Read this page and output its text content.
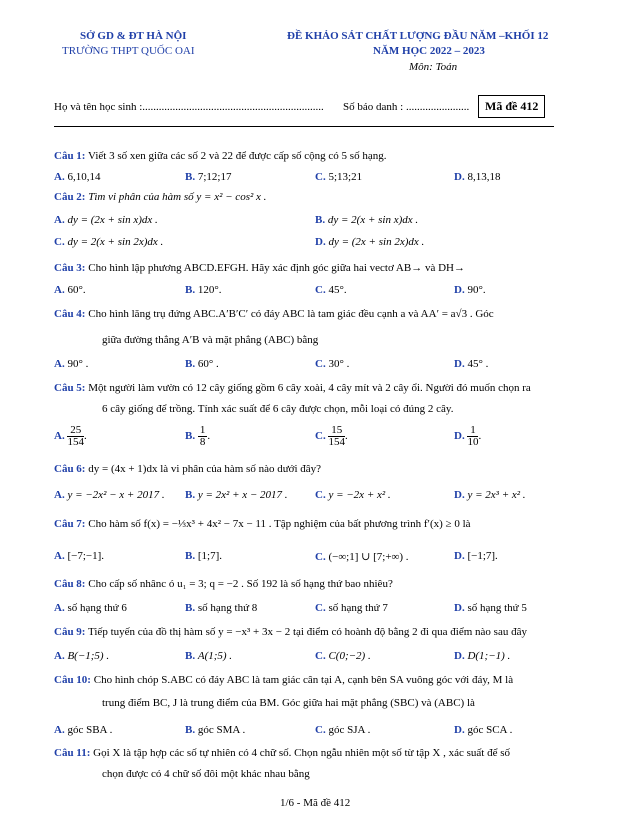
SỞ GD & ĐT HÀ NỘI
TRƯỜNG THPT QUỐC OAI
ĐỀ KHẢO SÁT CHẤT LƯỢNG ĐẦU NĂM –KHỐI 12
NĂM HỌC 2022 – 2023
Môn: Toán
Họ và tên học sinh :.................................................................. Số báo danh : .......................	Mã đề 412
Câu 1: Viết 3 số xen giữa các số 2 và 22 để được cấp số cộng có 5 số hạng.
A. 6,10,14	B. 7;12;17	C. 5;13;21	D. 8,13,18
Câu 2: Tìm vi phân của hàm số y = x² − cos² x .
A. dy = (2x + sin x)dx .	B. dy = 2(x + sin x)dx .
C. dy = 2(x + sin 2x)dx .	D. dy = (2x + sin 2x)dx .
Câu 3: Cho hình lập phương ABCD.EFGH. Hãy xác định góc giữa hai vectơ AB→ và DH→
A. 60°.	B. 120°.	C. 45°.	D. 90°.
Câu 4: Cho hình lăng trụ đứng ABC.A′B′C′ có đáy ABC là tam giác đều cạnh a và AA′ = a√3 . Góc
giữa đường thẳng A′B và mặt phẳng (ABC) bằng
A. 90° .	B. 60° .	C. 30° .	D. 45° .
Câu 5: Một người làm vườn có 12 cây giống gồm 6 cây xoài, 4 cây mít và 2 cây ổi. Người đó muốn chọn ra
6 cây giống để trồng. Tính xác suất để 6 cây được chọn, mỗi loại có đúng 2 cây.
A. $\frac{25}{154}$ .	B. $\frac{1}{8}$ .	C. $\frac{15}{154}$ .	D. $\frac{1}{10}$ .
Câu 6: dy = (4x + 1)dx là vi phân của hàm số nào dưới đây?
A. y = −2x² − x + 2017 . B. y = 2x² + x − 2017 . C. y = −2x + x² .	D. y = 2x³ + x² .
Câu 7: Cho hàm số f(x) = −⅓x³ + 4x² − 7x − 11 . Tập nghiệm của bất phương trình f′(x) ≥ 0 là
A. [−7;−1].	B. [1;7].	C. (−∞;1] ∪ [7;+∞) .	D. [−1;7].
Câu 8: Cho cấp số nhânc ó u₁ = 3; q = −2 . Số 192 là số hạng thứ bao nhiêu?
A. số hạng thứ 6	B. số hạng thứ 8	C. số hạng thứ 7	D. số hạng thứ 5
Câu 9: Tiếp tuyến của đồ thị hàm số y = −x³ + 3x − 2 tại điểm có hoành độ bằng 2 đi qua điểm nào sau đây
A. B(−1;5) .	B. A(1;5) .	C. C(0;−2) .	D. D(1;−1) .
Câu 10: Cho hình chóp S.ABC có đáy ABC là tam giác cân tại A, cạnh bên SA vuông góc với đáy, M là
trung điểm BC, J là trung điểm của BM. Góc giữa hai mặt phẳng (SBC) và (ABC) là
A. góc SBA .	B. góc SMA .	C. góc SJA .	D. góc SCA .
Câu 11: Gọi X là tập hợp các số tự nhiên có 4 chữ số. Chọn ngẫu nhiên một số từ tập X , xác suất để số
chọn được có 4 chữ số đôi một khác nhau bằng
1/6 - Mã đề 412
